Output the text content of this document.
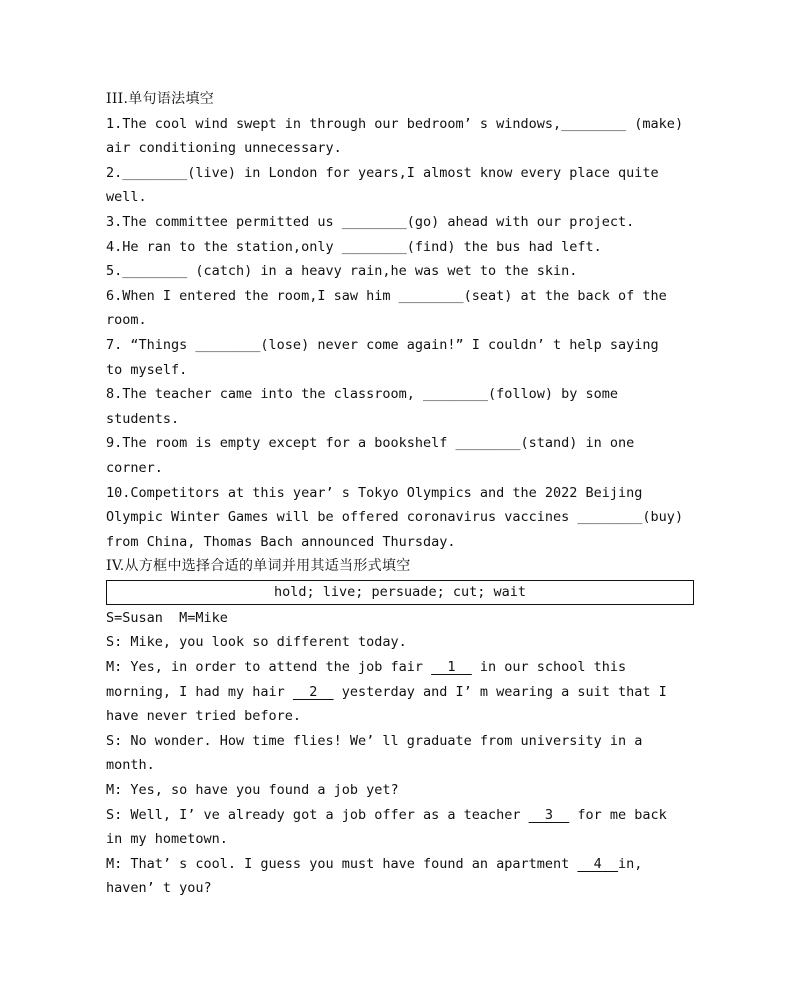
III.单句语法填空
1.The cool wind swept in through our bedroom’ s windows,________ (make)
air conditioning unnecessary.
2.________(live) in London for years,I almost know every place quite
well.
3.The committee permitted us ________(go) ahead with our project.
4.He ran to the station,only ________(find) the bus had left.
5.________ (catch) in a heavy rain,he was wet to the skin.
6.When I entered the room,I saw him ________(seat) at the back of the
room.
7. “Things ________(lose) never come again!” I couldn’ t help saying
to myself.
8.The teacher came into the classroom, ________(follow) by some
students.
9.The room is empty except for a bookshelf ________(stand) in one
corner.
10.Competitors at this year’ s Tokyo Olympics and the 2022 Beijing
Olympic Winter Games will be offered coronavirus vaccines ________(buy)
from China, Thomas Bach announced Thursday.
IV.从方框中选择合适的单词并用其适当形式填空
hold; live; persuade; cut; wait
S=Susan  M=Mike
S: Mike, you look so different today.
M: Yes, in order to attend the job fair   1   in our school this
morning, I had my hair   2   yesterday and I’ m wearing a suit that I
have never tried before.
S: No wonder. How time flies! We’ ll graduate from university in a
month.
M: Yes, so have you found a job yet?
S: Well, I’ ve already got a job offer as a teacher   3   for me back
in my hometown.
M: That’ s cool. I guess you must have found an apartment   4  in,
haven’ t you?
